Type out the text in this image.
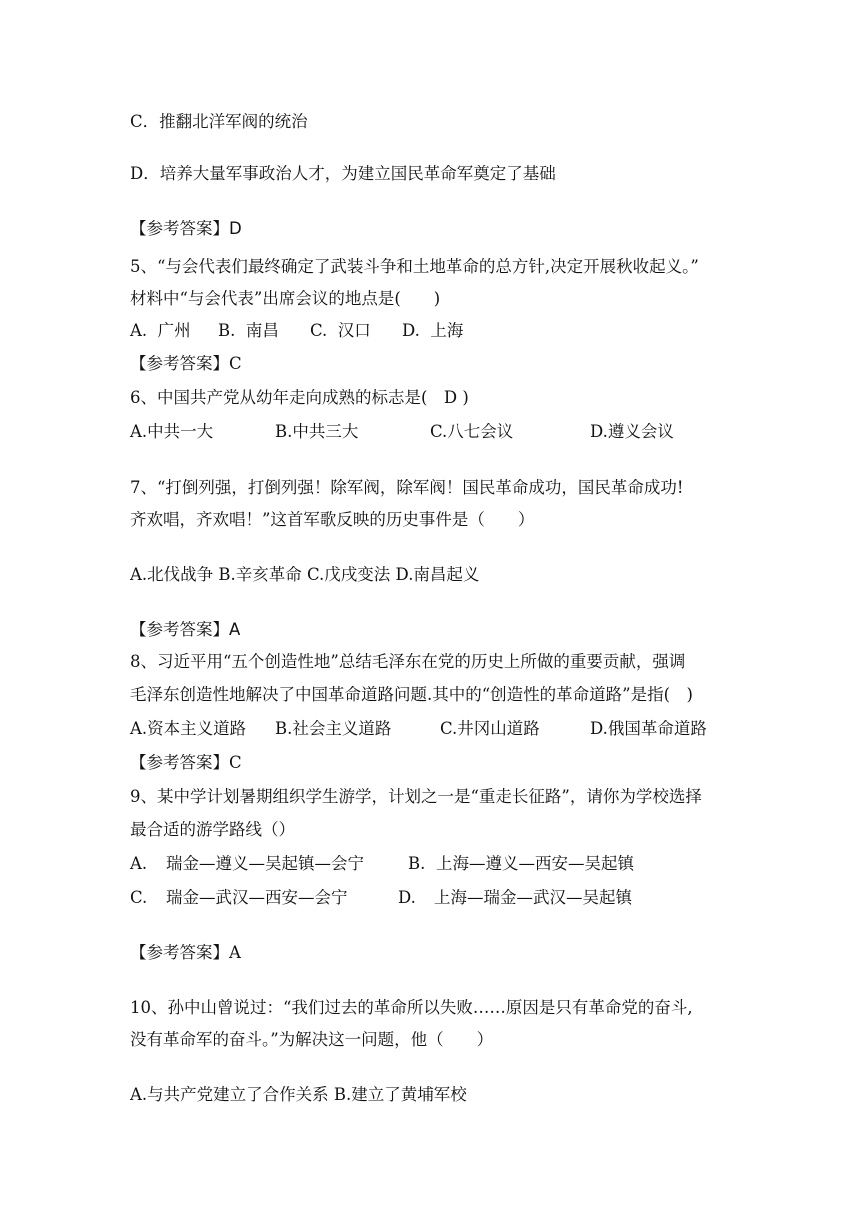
C．推翻北洋军阀的统治
D．培养大量军事政治人才，为建立国民革命军奠定了基础
【参考答案】D
5、“与会代表们最终确定了武装斗争和土地革命的总方针,决定开展秋收起义。”
材料中“与会代表”出席会议的地点是(　　)

A.  广州

B.  南昌

C.  汉口

D.  上海

【参考答案】C
6、中国共产党从幼年走向成熟的标志是(　D )

A.中共一大

	B.中共三大

	C.八七会议

	D.遵义会议

7、“打倒列强，打倒列强！除军阀，除军阀！国民革命成功，国民革命成功!
齐欢唱，齐欢唱！”这首军歌反映的历史事件是（　　）
A.北伐战争 B.辛亥革命 C.戊戌变法 D.南昌起义
【参考答案】A
8、习近平用“五个创造性地”总结毛泽东在党的历史上所做的重要贡献，强调
毛泽东创造性地解决了中国革命道路问题.其中的“创造性的革命道路”是指(　)

A.资本主义道路

B.社会主义道路

	C.井冈山道路

	D.俄国革命道路

【参考答案】C
9、某中学计划暑期组织学生游学，计划之一是“重走长征路”，请你为学校选择
最合适的游学路线（）

A.

瑞金—遵义—吴起镇—会宁

	B.

上海—遵义—西安—吴起镇

C.

瑞金—武汉—西安—会宁

	D.

上海—瑞金—武汉—吴起镇

【参考答案】A
10、孙中山曾说过：“我们过去的革命所以失败……原因是只有革命党的奋斗,
没有革命军的奋斗。”为解决这一问题，他（　　）
A.与共产党建立了合作关系 B.建立了黄埔军校
